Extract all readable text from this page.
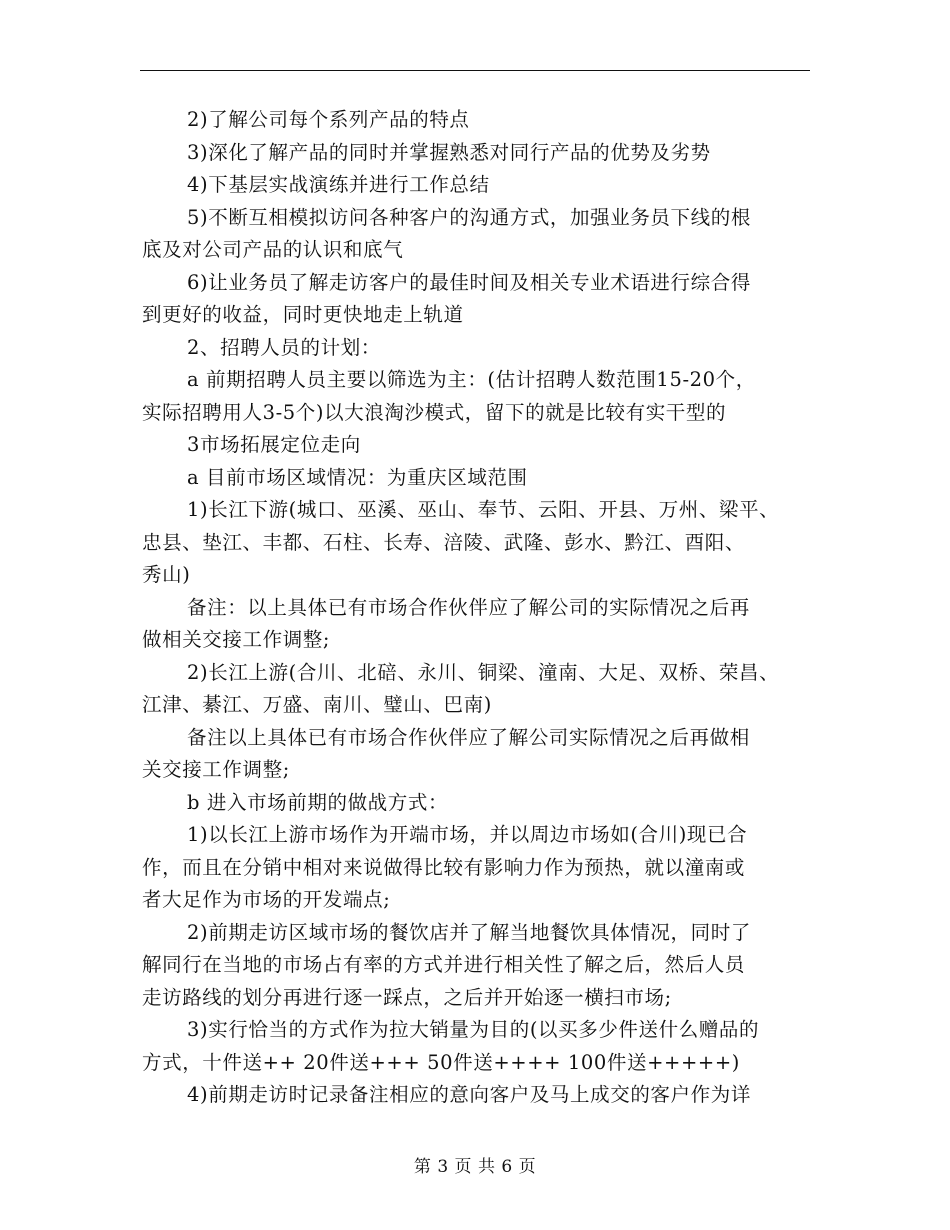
2)了解公司每个系列产品的特点
3)深化了解产品的同时并掌握熟悉对同行产品的优势及劣势
4)下基层实战演练并进行工作总结
5)不断互相模拟访问各种客户的沟通方式，加强业务员下线的根
底及对公司产品的认识和底气
6)让业务员了解走访客户的最佳时间及相关专业术语进行综合得
到更好的收益，同时更快地走上轨道
2、招聘人员的计划：
a 前期招聘人员主要以筛选为主：(估计招聘人数范围15-20个，
实际招聘用人3-5个)以大浪淘沙模式，留下的就是比较有实干型的
3市场拓展定位走向
a 目前市场区域情况：为重庆区域范围
1)长江下游(城口、巫溪、巫山、奉节、云阳、开县、万州、梁平、
忠县、垫江、丰都、石柱、长寿、涪陵、武隆、彭水、黔江、酉阳、
秀山)
备注：以上具体已有市场合作伙伴应了解公司的实际情况之后再
做相关交接工作调整;
2)长江上游(合川、北碚、永川、铜梁、潼南、大足、双桥、荣昌、
江津、綦江、万盛、南川、璧山、巴南)
备注以上具体已有市场合作伙伴应了解公司实际情况之后再做相
关交接工作调整;
b 进入市场前期的做战方式：
1)以长江上游市场作为开端市场，并以周边市场如(合川)现已合
作，而且在分销中相对来说做得比较有影响力作为预热，就以潼南或
者大足作为市场的开发端点;
2)前期走访区域市场的餐饮店并了解当地餐饮具体情况，同时了
解同行在当地的市场占有率的方式并进行相关性了解之后，然后人员
走访路线的划分再进行逐一踩点，之后并开始逐一横扫市场;
3)实行恰当的方式作为拉大销量为目的(以买多少件送什么赠品的
方式，十件送++ 20件送+++ 50件送++++ 100件送+++++)
4)前期走访时记录备注相应的意向客户及马上成交的客户作为详
第 3 页 共 6 页
